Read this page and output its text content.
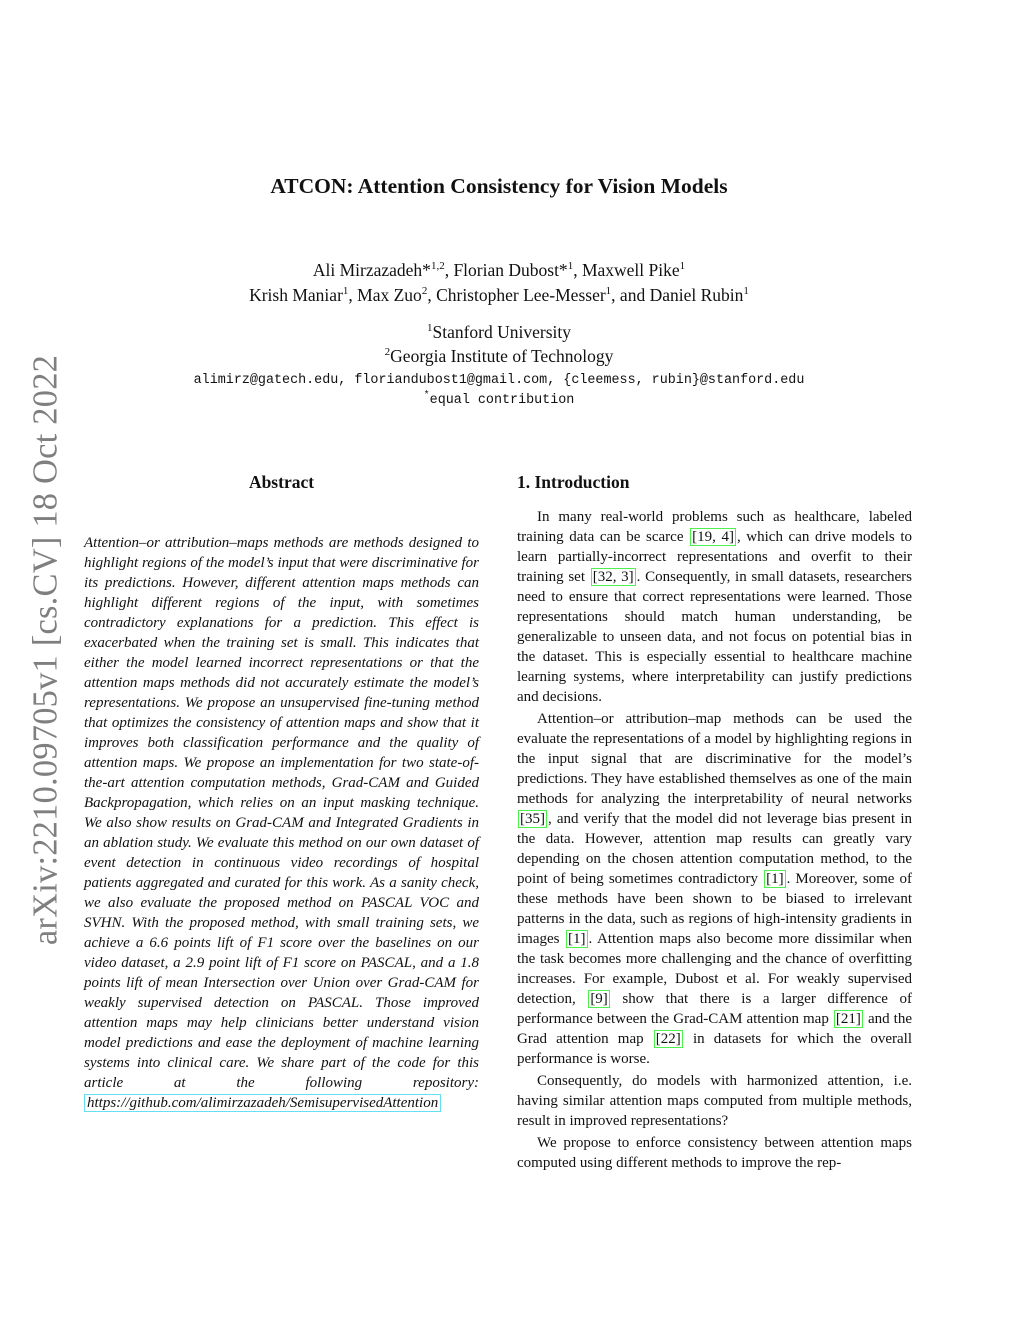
arXiv:2210.09705v1 [cs.CV] 18 Oct 2022
ATCON: Attention Consistency for Vision Models
Ali Mirzazadeh*$^{1,2}$, Florian Dubost*$^1$, Maxwell Pike$^1$
Krish Maniar$^1$, Max Zuo$^2$, Christopher Lee-Messer$^1$, and Daniel Rubin$^1$
$^1$Stanford University
$^2$Georgia Institute of Technology
alimirz@gatech.edu, floriandubost1@gmail.com, {cleemess, rubin}@stanford.edu
*equal contribution
Abstract	1. Introduction
Attention–or attribution–maps methods are methods designed to highlight regions of the model’s input that were discriminative for its predictions. However, different attention maps methods can highlight different regions of the input, with sometimes contradictory explanations for a prediction. This effect is exacerbated when the training set is small. This indicates that either the model learned incorrect representations or that the attention maps methods did not accurately estimate the model’s representations. We propose an unsupervised fine-tuning method that optimizes the consistency of attention maps and show that it improves both classification performance and the quality of attention maps. We propose an implementation for two state-of-the-art attention computation methods, Grad-CAM and Guided Backpropagation, which relies on an input masking technique. We also show results on Grad-CAM and Integrated Gradients in an ablation study. We evaluate this method on our own dataset of event detection in continuous video recordings of hospital patients aggregated and curated for this work. As a sanity check, we also evaluate the proposed method on PASCAL VOC and SVHN. With the proposed method, with small training sets, we achieve a 6.6 points lift of F1 score over the baselines on our video dataset, a 2.9 point lift of F1 score on PASCAL, and a 1.8 points lift of mean Intersection over Union over Grad-CAM for weakly supervised detection on PASCAL. Those improved attention maps may help clinicians better understand vision model predictions and ease the deployment of machine learning systems into clinical care. We share part of the code for this article at the following repository: https://github.com/alimirzazadeh/SemisupervisedAttention

In many real-world problems such as healthcare, labeled training data can be scarce [19, 4] , which can drive models to learn partially-incorrect representations and overfit to their training set [32, 3] . Consequently, in small datasets, researchers need to ensure that correct representations were learned. Those representations should match human understanding, be generalizable to unseen data, and not focus on potential bias in the dataset. This is especially essential to healthcare machine learning systems, where interpretability can justify predictions and decisions.

Attention–or attribution–map methods can be used the evaluate the representations of a model by highlighting regions in the input signal that are discriminative for the model’s predictions. They have established themselves as one of the main methods for analyzing the interpretability of neural networks [35] , and verify that the model did not leverage bias present in the data. However, attention map results can greatly vary depending on the chosen attention computation method, to the point of being sometimes contradictory [1] . Moreover, some of these methods have been shown to be biased to irrelevant patterns in the data, such as regions of high-intensity gradients in images [1] . Attention maps also become more dissimilar when the task becomes more challenging and the chance of overfitting increases. For example, Dubost et al. For weakly supervised detection, [9] show that there is a larger difference of performance between the Grad-CAM attention map [21] and the Grad attention map [22] in datasets for which the overall performance is worse.

Consequently, do models with harmonized attention, i.e. having similar attention maps computed from multiple methods, result in improved representations?

We propose to enforce consistency between attention maps computed using different methods to improve the rep-
